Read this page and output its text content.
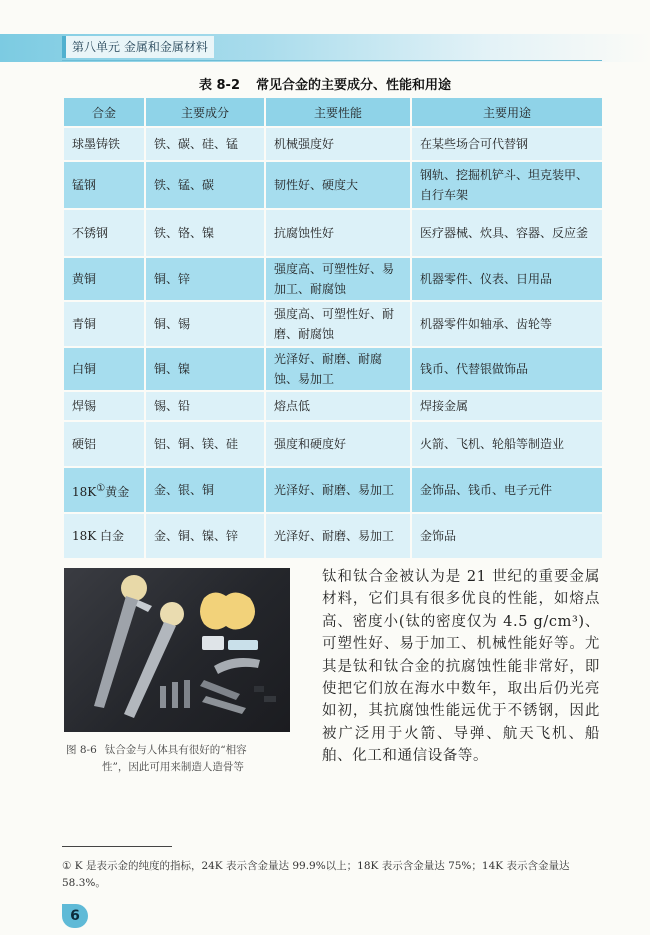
第八单元 金属和金属材料
表 8-2 常见合金的主要成分、性能和用途
合金	主要成分	主要性能	主要用途
球墨铸铁	铁、碳、硅、锰	机械强度好	在某些场合可代替钢
锰钢	铁、锰、碳	韧性好、硬度大	钢轨、挖掘机铲斗、坦克装甲、自行车架
不锈钢	铁、铬、镍	抗腐蚀性好	医疗器械、炊具、容器、反应釜
黄铜	铜、锌	强度高、可塑性好、易加工、耐腐蚀	机器零件、仪表、日用品
青铜	铜、锡	强度高、可塑性好、耐磨、耐腐蚀	机器零件如轴承、齿轮等
白铜	铜、镍	光泽好、耐磨、耐腐蚀、易加工	钱币、代替银做饰品
焊锡	锡、铅	熔点低	焊接金属
硬铝	铝、铜、镁、硅	强度和硬度好	火箭、飞机、轮船等制造业
18K①黄金	金、银、铜	光泽好、耐磨、易加工	金饰品、钱币、电子元件
18K 白金	金、铜、镍、锌	光泽好、耐磨、易加工	金饰品
图 8-6 钛合金与人体具有很好的“相容
性”，因此可用来制造人造骨等

钛和钛合金被认为是 21 世纪的重要金属材料，它们具有很多优良的性能，如熔点高、密度小(钛的密度仅为 4.5 g/cm³)、可塑性好、易于加工、机械性能好等。尤其是钛和钛合金的抗腐蚀性能非常好，即使把它们放在海水中数年，取出后仍光亮如初，其抗腐蚀性能远优于不锈钢，因此被广泛用于火箭、导弹、航天飞机、船舶、化工和通信设备等。

① K 是表示金的纯度的指标，24K 表示含金量达 99.9%以上；18K 表示含金量达 75%；14K 表示含金量达 58.3%。

6
